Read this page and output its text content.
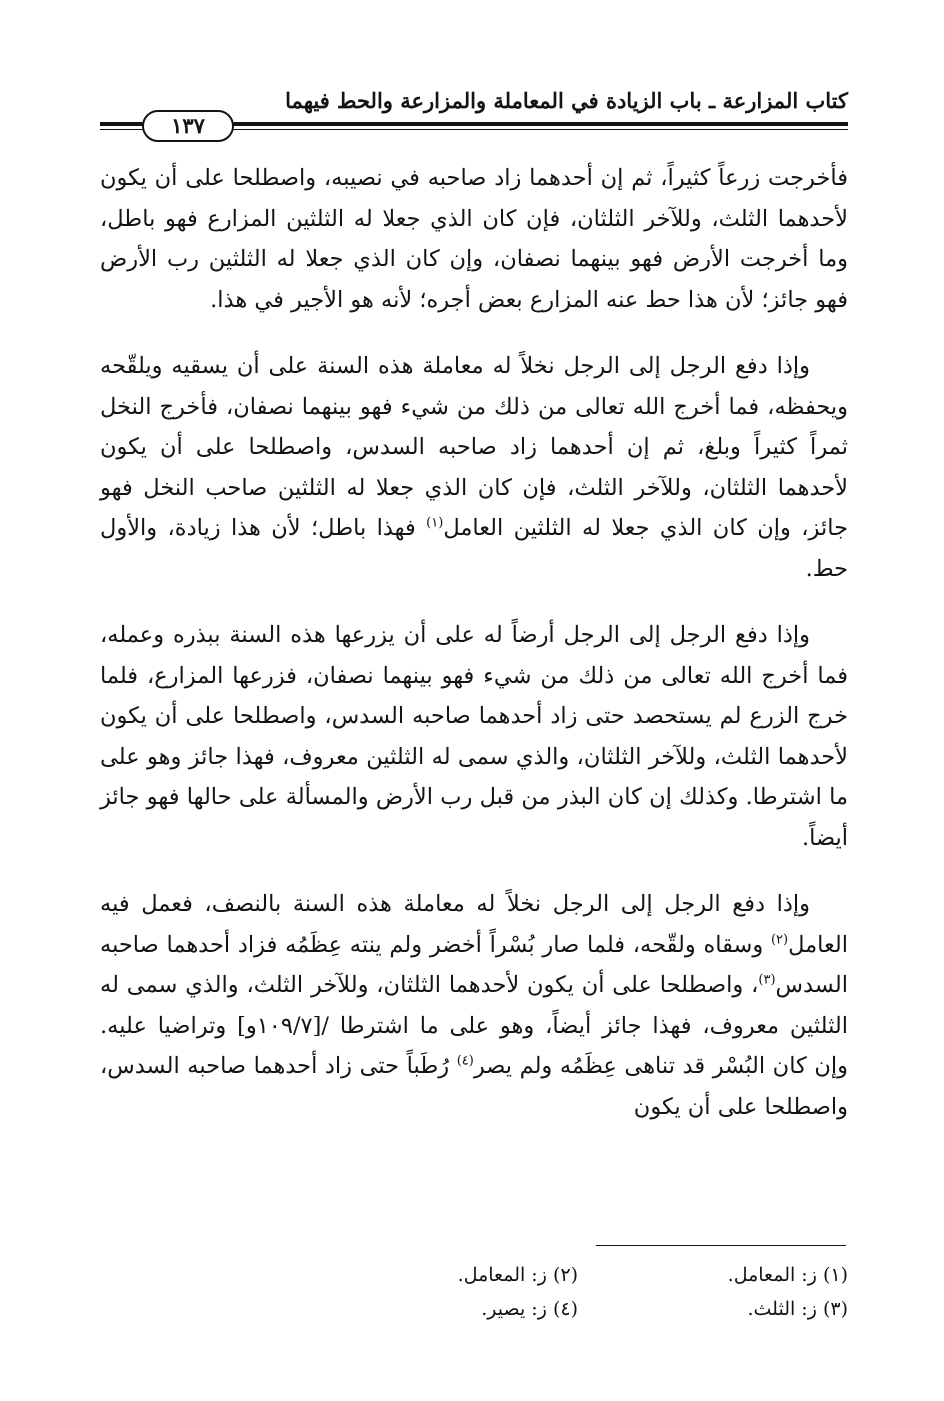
كتاب المزارعة ـ باب الزيادة في المعاملة والمزارعة والحط فيهما
١٣٧

فأخرجت زرعاً كثيراً، ثم إن أحدهما زاد صاحبه في نصيبه، واصطلحا على أن يكون لأحدهما الثلث، وللآخر الثلثان، فإن كان الذي جعلا له الثلثين المزارع فهو باطل، وما أخرجت الأرض فهو بينهما نصفان، وإن كان الذي جعلا له الثلثين رب الأرض فهو جائز؛ لأن هذا حط عنه المزارع بعض أجره؛ لأنه هو الأجير في هذا.

وإذا دفع الرجل إلى الرجل نخلاً له معاملة هذه السنة على أن يسقيه ويلقّحه ويحفظه، فما أخرج الله تعالى من ذلك من شيء فهو بينهما نصفان، فأخرج النخل ثمراً كثيراً وبلغ، ثم إن أحدهما زاد صاحبه السدس، واصطلحا على أن يكون لأحدهما الثلثان، وللآخر الثلث، فإن كان الذي جعلا له الثلثين صاحب النخل فهو جائز، وإن كان الذي جعلا له الثلثين العامل$^{(١)}$ فهذا باطل؛ لأن هذا زيادة، والأول حط.

وإذا دفع الرجل إلى الرجل أرضاً له على أن يزرعها هذه السنة ببذره وعمله، فما أخرج الله تعالى من ذلك من شيء فهو بينهما نصفان، فزرعها المزارع، فلما خرج الزرع لم يستحصد حتى زاد أحدهما صاحبه السدس، واصطلحا على أن يكون لأحدهما الثلث، وللآخر الثلثان، والذي سمى له الثلثين معروف، فهذا جائز وهو على ما اشترطا. وكذلك إن كان البذر من قبل رب الأرض والمسألة على حالها فهو جائز أيضاً.

وإذا دفع الرجل إلى الرجل نخلاً له معاملة هذه السنة بالنصف، فعمل فيه العامل$^{(٢)}$ وسقاه ولقّحه، فلما صار بُسْراً أخضر ولم ينته عِظَمُه فزاد أحدهما صاحبه السدس$^{(٣)}$، واصطلحا على أن يكون لأحدهما الثلثان، وللآخر الثلث، والذي سمى له الثلثين معروف، فهذا جائز أيضاً، وهو على ما اشترطا /[١٠٩/٧و] وتراضيا عليه. وإن كان البُسْر قد تناهى عِظَمُه ولم يصر$^{(٤)}$ رُطَباً حتى زاد أحدهما صاحبه السدس، واصطلحا على أن يكون

(١) ز: المعامل.
(٢) ز: المعامل.
(٣) ز: الثلث.
(٤) ز: يصير.
